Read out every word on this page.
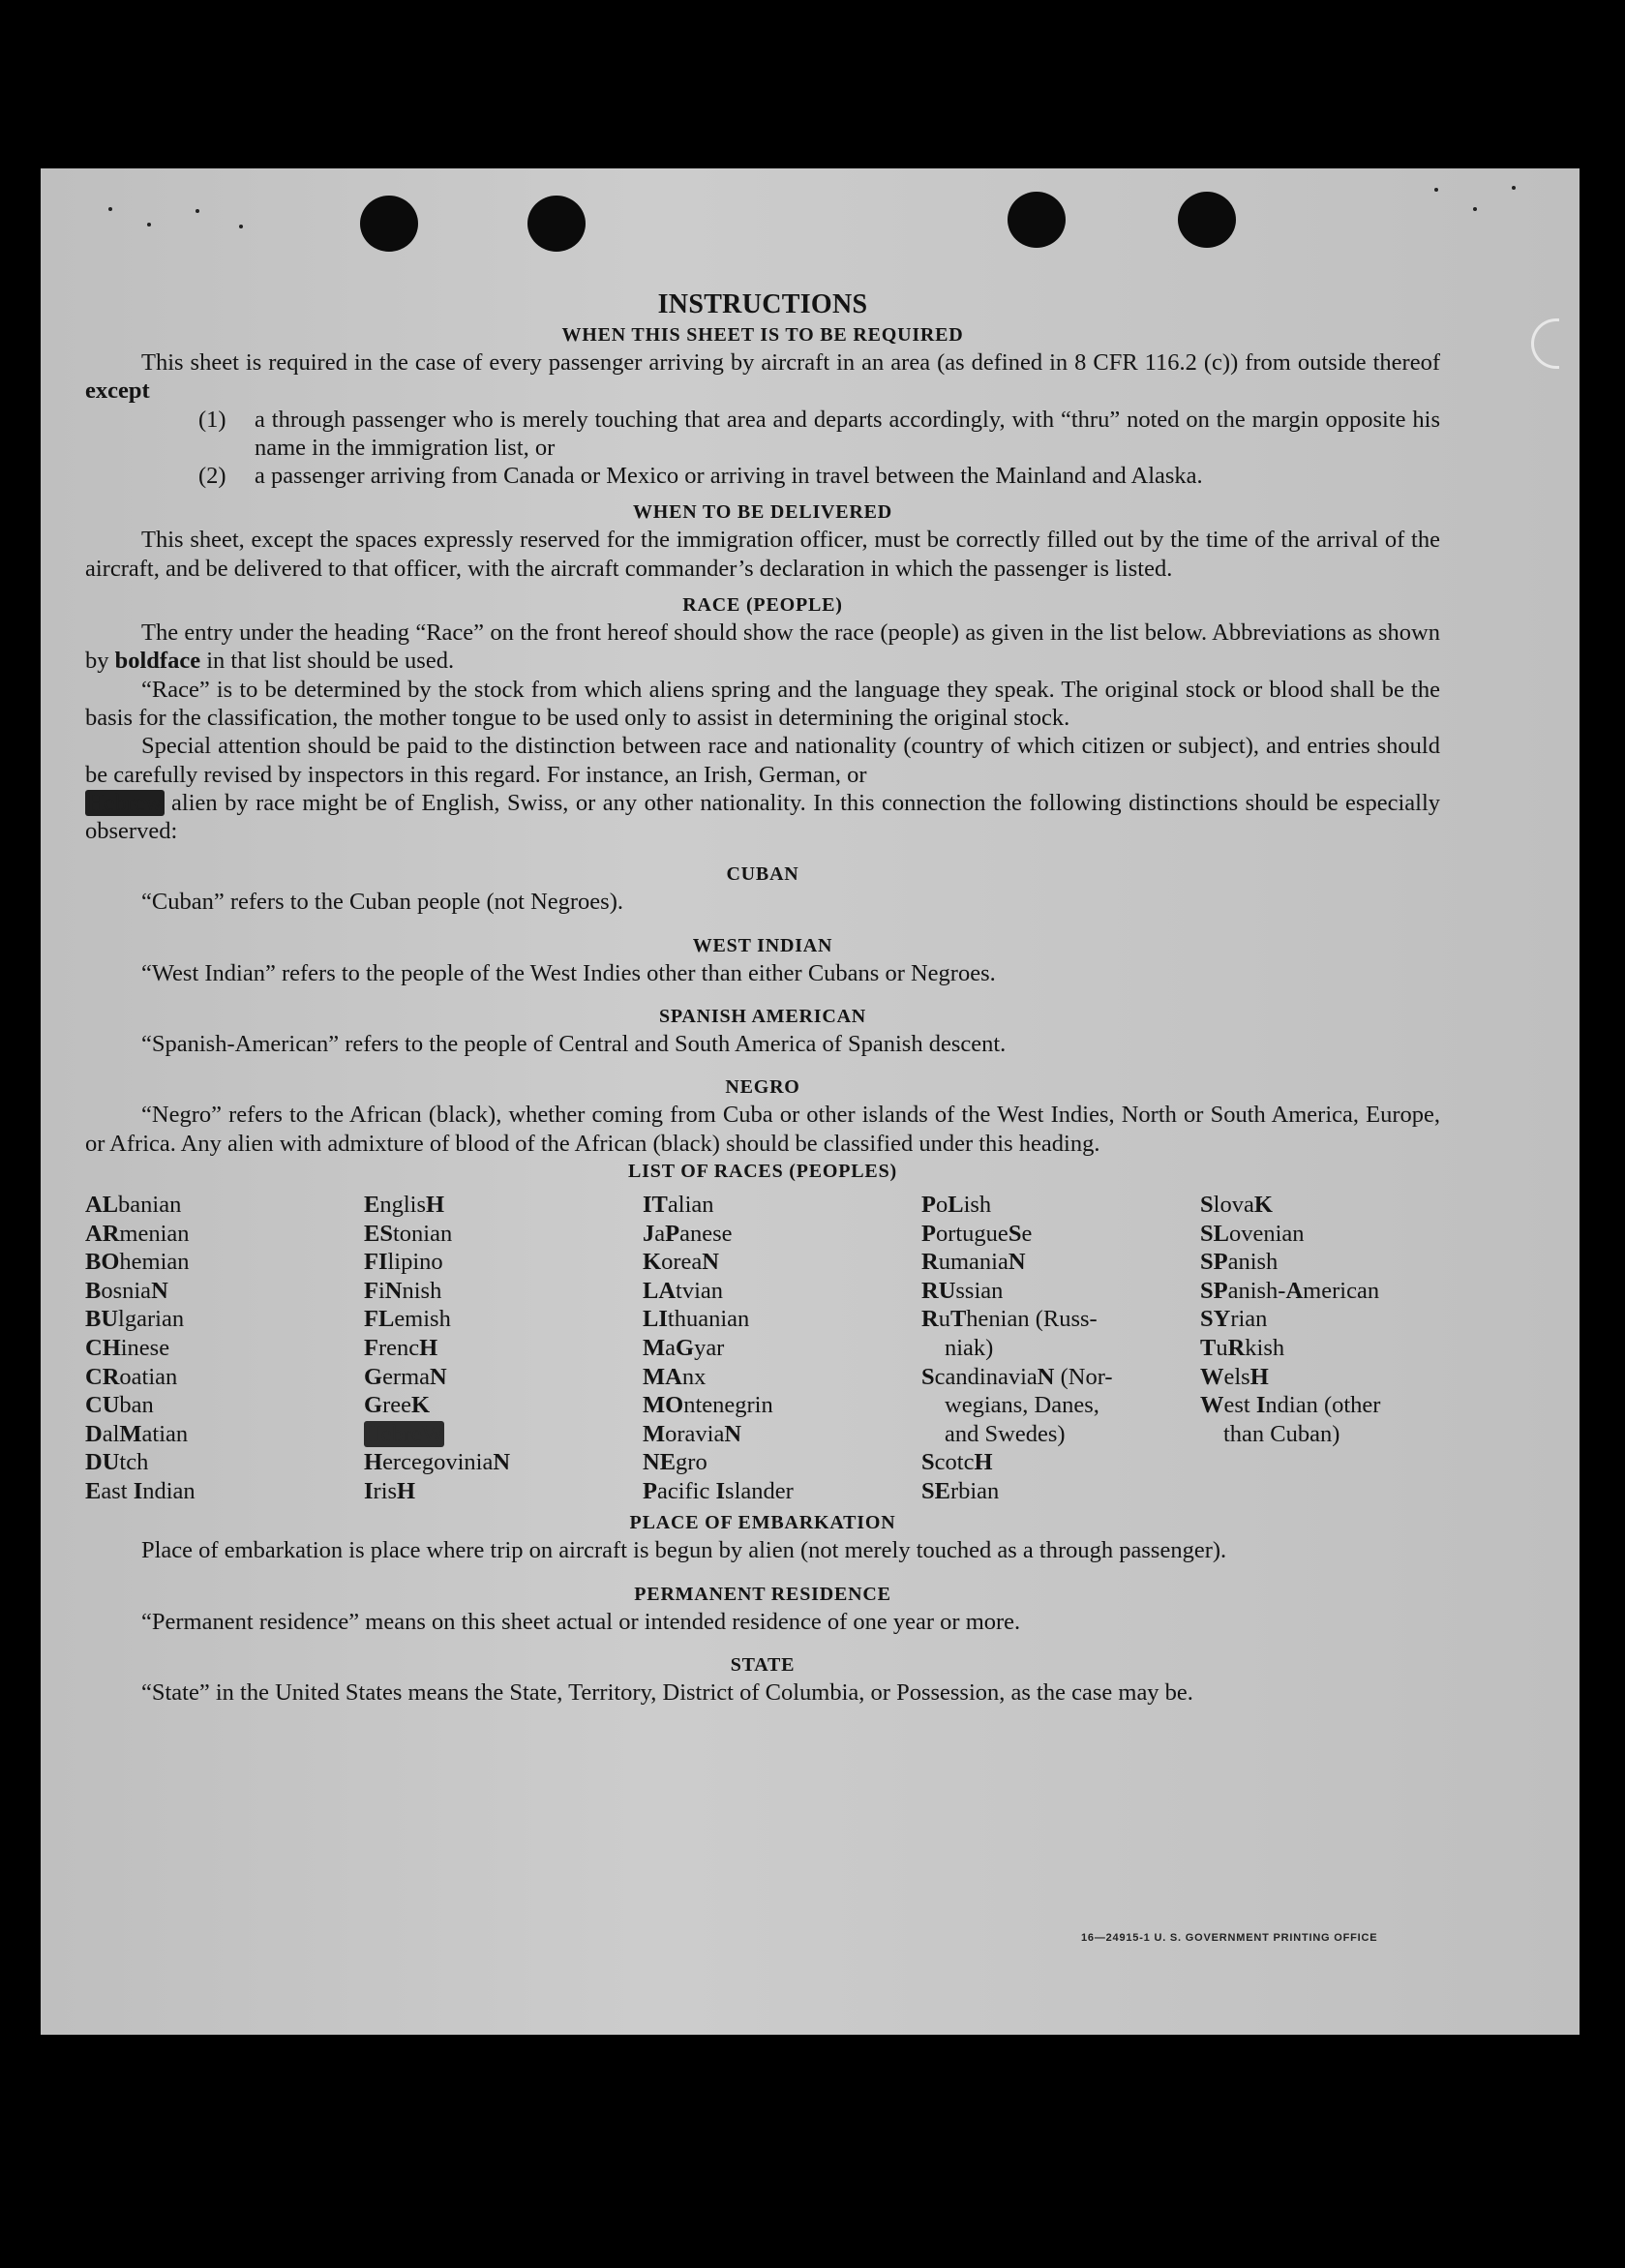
INSTRUCTIONS
WHEN THIS SHEET IS TO BE REQUIRED

This sheet is required in the case of every passenger arriving by aircraft in an area (as defined in 8 CFR 116.2 (c)) from outside thereof except

(1)	a through passenger who is merely touching that area and departs accordingly, with “thru” noted on the margin opposite his name in the immigration list, or
(2)	a passenger arriving from Canada or Mexico or arriving in travel between the Mainland and Alaska.
WHEN TO BE DELIVERED

This sheet, except the spaces expressly reserved for the immigration officer, must be correctly filled out by the time of the arrival of the aircraft, and be delivered to that officer, with the aircraft commander’s declaration in which the passenger is listed.

RACE (PEOPLE)

The entry under the heading “Race” on the front hereof should show the race (people) as given in the list below. Abbreviations as shown by boldface in that list should be used.

“Race” is to be determined by the stock from which aliens spring and the language they speak. The original stock or blood shall be the basis for the classification, the mother tongue to be used only to assist in determining the original stock.

Special attention should be paid to the distinction between race and nationality (country of which citizen or subject), and entries should be carefully revised by inspectors in this regard. For instance, an Irish, German, or
Hebrew alien by race might be of English, Swiss, or any other nationality. In this connection the following distinctions should be especially observed:

CUBAN

“Cuban” refers to the Cuban people (not Negroes).

WEST INDIAN

“West Indian” refers to the people of the West Indies other than either Cubans or Negroes.

SPANISH AMERICAN

“Spanish-American” refers to the people of Central and South America of Spanish descent.

NEGRO

“Negro” refers to the African (black), whether coming from Cuba or other islands of the West Indies, North or South America, Europe, or Africa. Any alien with admixture of blood of the African (black) should be classified under this heading.

LIST OF RACES (PEOPLES)
ALbanian
ARmenian
BOhemian
BosniaN
BUlgarian
CHinese
CRoatian
CUban
DalMatian
DUtch
East Indian
EnglisH
EStonian
FIlipino
FiNnish
FLemish
FrencH
GermaN
GreeK
HebreW
HercegoviniaN
IrisH
ITalian
JaPanese
KoreaN
LAtvian
LIthuanian
MaGyar
MAnx
MOntenegrin
MoraviaN
NEgro
Pacific Islander
PoLish
PortugueSe
RumaniaN
RUssian
RuThenian (Russ-
niak)
ScandinaviaN (Nor-
wegians, Danes,
and Swedes)
ScotcH
SErbian
SlovaK
SLovenian
SPanish
SPanish-American
SYrian
TuRkish
WelsH
West Indian (other
than Cuban)
PLACE OF EMBARKATION

Place of embarkation is place where trip on aircraft is begun by alien (not merely touched as a through passenger).

PERMANENT RESIDENCE

“Permanent residence” means on this sheet actual or intended residence of one year or more.

STATE

“State” in the United States means the State, Territory, District of Columbia, or Possession, as the case may be.

16—24915-1 U. S. GOVERNMENT PRINTING OFFICE
